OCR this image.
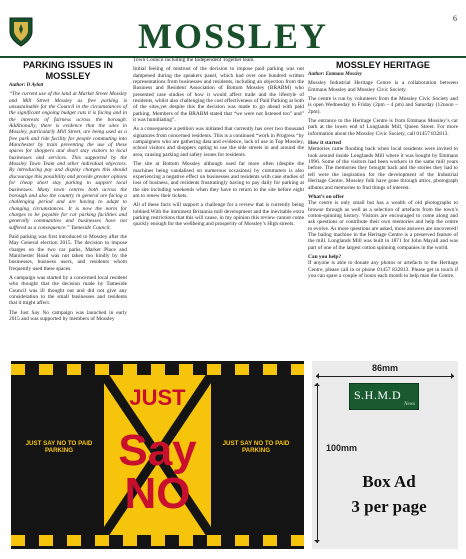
MOSSLEY	6
PARKING ISSUES IN MOSSLEY
Author: D Aylott

“The current use of the land at Market Street Mossley and Mill Street Mossley as free parking is unsustainable for the Council in the circumstances of the significant ongoing budget cuts it is facing and in the interests of fairness across the borough. Additionally, there is evidence that the sites in Mossley, particularly Mill Street, are being used as a free park and ride facility for people commuting into Manchester by train preventing the use of these spaces for shoppers and short stay visitors to local businesses and services. This supported by the Mossley Town Team and other individual objectors. By introducing pay and display charges this should discourage this possibility and provide greater options for cheap short stay parking to support local businesses. Many town centres both across the borough and also the country in general are facing a challenging period and are having to adapt to changing circumstances. It is now the norm for charges to be payable for car parking facilities and generally communities and businesses have not suffered as a consequence.” Tameside Council.

Paid parking was first introduced to Mossley after the May General election 2015. The decision to impose charges on the two car parks, Market Place and Manchester Road was not taken too kindly by the businesses, business users, and residents whom frequently used these spaces.

A campaign was started by a concerned local resident who thought that the decision made by Tameside Council was ill thought out and did not give any consideration to the small businesses and residents that it might affect.

The Just Say No campaign was launched in early 2015 and was supported by members of Mossley

Town Council including the Independent Together team.

Initial feeling of mistrust of the decision to impose paid parking was not dampened during the speakers panel, which had over one hundred written representations from businesses and residents, including an objection from the Business and Resident Association of Bottom Mossley (BRABM) who presented case studies of how it would affect trade and the lifestyle of residents, whilst also challenging the cost effectiveness of Paid Parking at both of the sites,yet despite this the decision was made to go ahead with paid parking. Members of the BRABM stated that “we were not listened too” and” it was humiliating”.

As a consequence a petition was initiated that currently has over two thousand signatures from concerned residents. This is a continued “work in Progress “by campaigners who are gathering data and evidence, lack of use in Top Mossley, school visitors and shoppers opting to use the side streets in and around the area, causing parking and safety issues for residents.

The site at Bottom Mossley although used far more often (despite the machines being vandalised on numerous occasions) by commuters is also experiencing a negative effect on businesses and residents with case studies of loss of business, and residents frustratingly having to pay daily for parking at the site including weekends when they have to return to the site before eight am to renew their tickets.

All of these facts will support a challenge for a review that is currently being lobbied.With the imminent Britannia mill development and the inevitable extra parking restrictions that this will cause, in my opinion this review cannot come quickly enough for the wellbeing and prosperity of Mossley’s High streets.

MOSSLEY HERITAGE
Author: Emmaus Mossley

Mossley Industrial Heritage Centre is a collaboration between Emmaus Mossley and Mossley Civic Society.

The centre is run by volunteers from the Mossley Civic Society and is open Wednesday to Friday (2pm – 4 pm) and Saturday (12noon – 2pm).

The entrance to the Heritage Centre is from Emmaus Mossley’s car park at the lower end of Longlands Mill, Queen Street. For more information about the Mossley Civic Society, call 01457 832813.

How it started
Memories came flooding back when local residents were invited to look around inside Longlands Mill where it was bought by Emmaus 1996. Some of the visitors had been workers in the same mill years before. The memories they brought back and the stories they had to tell were the inspiration for the development of the Industrial Heritage Centre. Mossley folk have gone through attics, photograph albums and memories to find things of interest.

What’s on offer
The centre is only small but has a wealth of old photographs to browse through as well as a selection of artefacts from the town’s cotton-spinning history. Visitors are encouraged to come along and ask questions or contribute their own memories and help the centre to evolve. As more questions are asked, more answers are uncovered! The baling machine in the Heritage Centre is a preserved feature of the mill. Longlands Mill was built in 1871 for John Mayall and was part of one of the largest cotton spinning companies in the world.

Can you help?
If anyone is able to donate any photos or artefacts to the Heritage Centre, please call in or phone 01457 832813. Please get in touch if you can spare a couple of hours each month to help man the Centre.

JUST
Say
NO
JUST SAY NO TO PAID PARKING
JUST SAY NO TO PAID PARKING
86mm
100mm
S.H.M.D
News
Box Ad
3 per page
